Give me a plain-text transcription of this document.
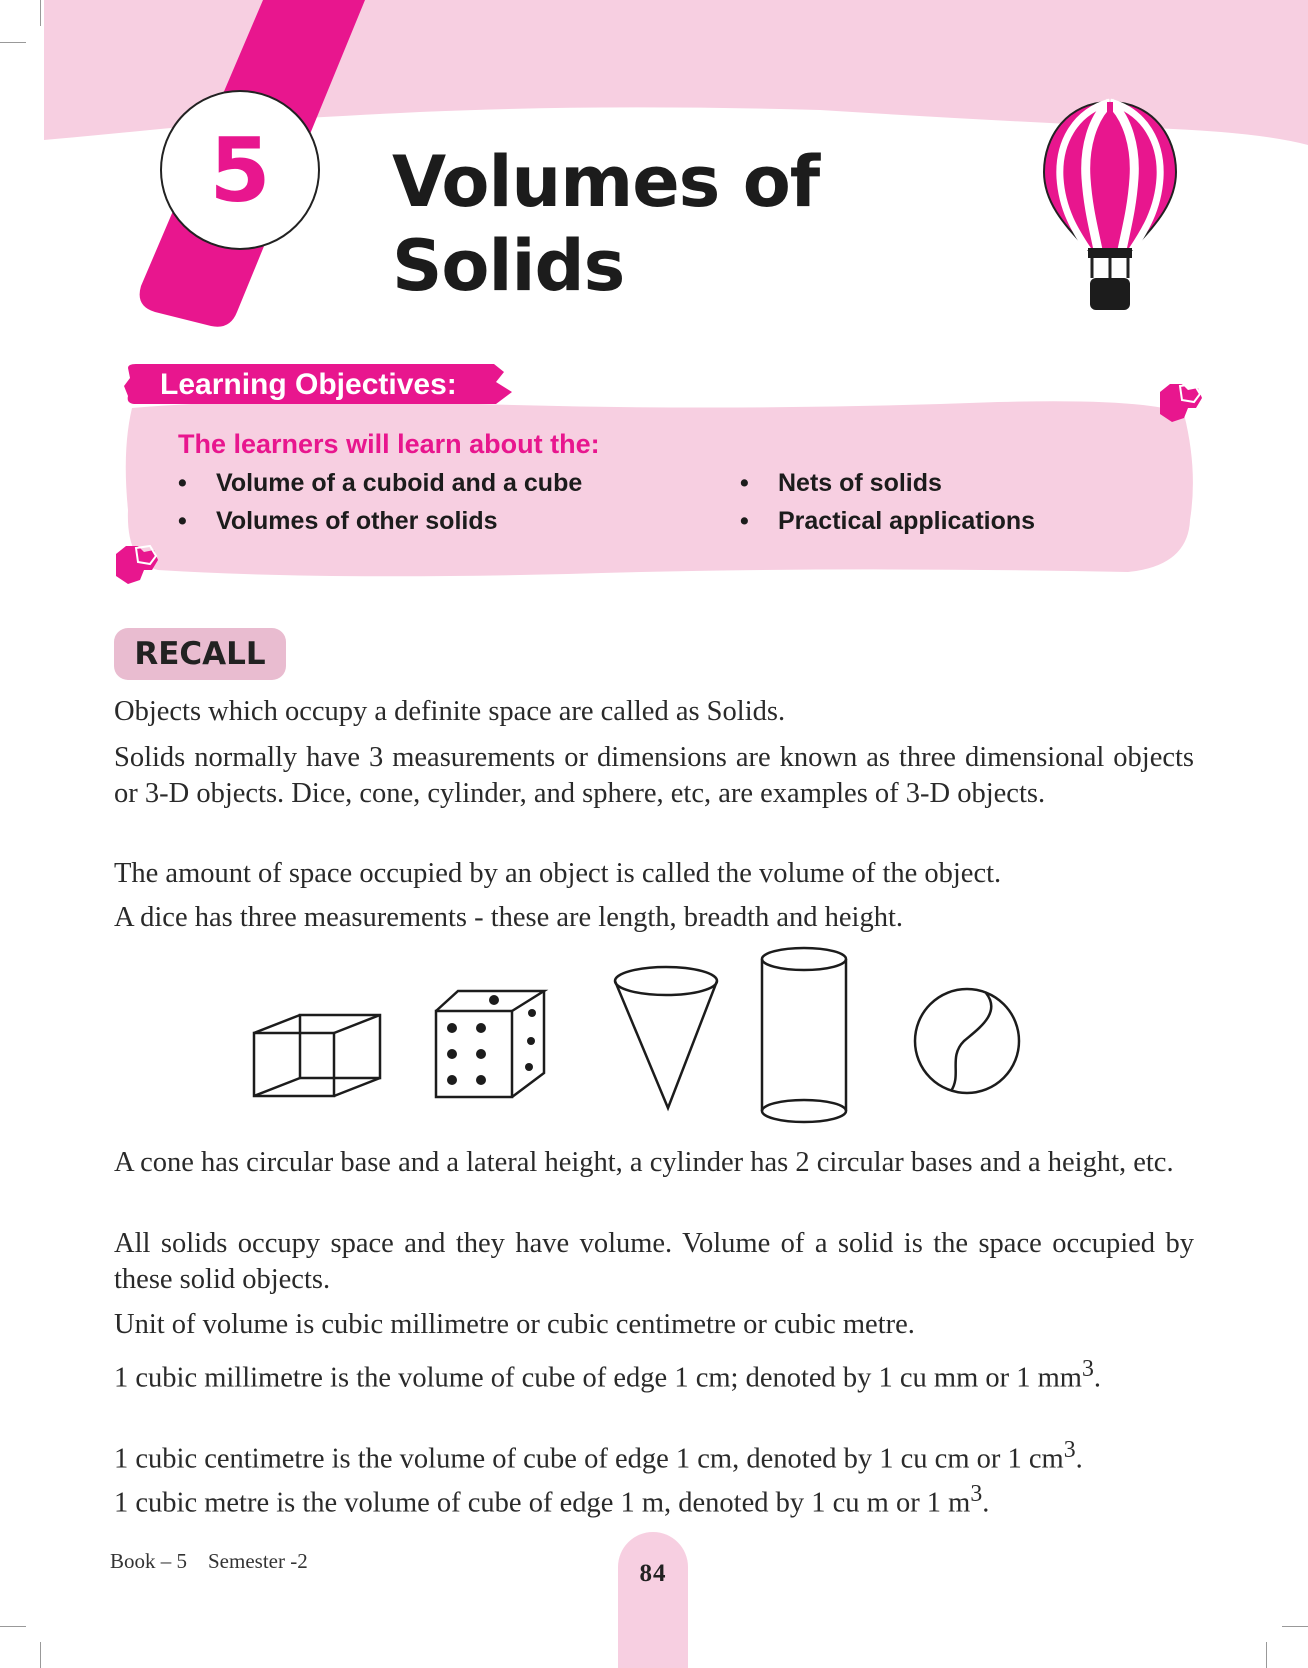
5	Volumes of
Solids
Learning Objectives:
The learners will learn about the:
• Volume of a cuboid and a cube
• Volumes of other solids
• Nets of solids
• Practical applications
RECALL
Objects which occupy a definite space are called as Solids.
Solids normally have 3 measurements or dimensions are known as three dimensional objects or 3-D objects. Dice, cone, cylinder, and sphere, etc, are examples of 3-D objects.
The amount of space occupied by an object is called the volume of the object.
A dice has three measurements - these are length, breadth and height.
A cone has circular base and a lateral height, a cylinder has 2 circular bases and a height, etc.
All solids occupy space and they have volume. Volume of a solid is the space occupied by these solid objects.
Unit of volume is cubic millimetre or cubic centimetre or cubic metre.
1 cubic millimetre is the volume of cube of edge 1 cm; denoted by 1 cu mm or 1 $mm^3$.
1 cubic centimetre is the volume of cube of edge 1 cm, denoted by 1 cu cm or 1 $cm^3$.
1 cubic metre is the volume of cube of edge 1 m, denoted by 1 cu m or 1 $m^3$.
Book – 5    Semester -2	84
